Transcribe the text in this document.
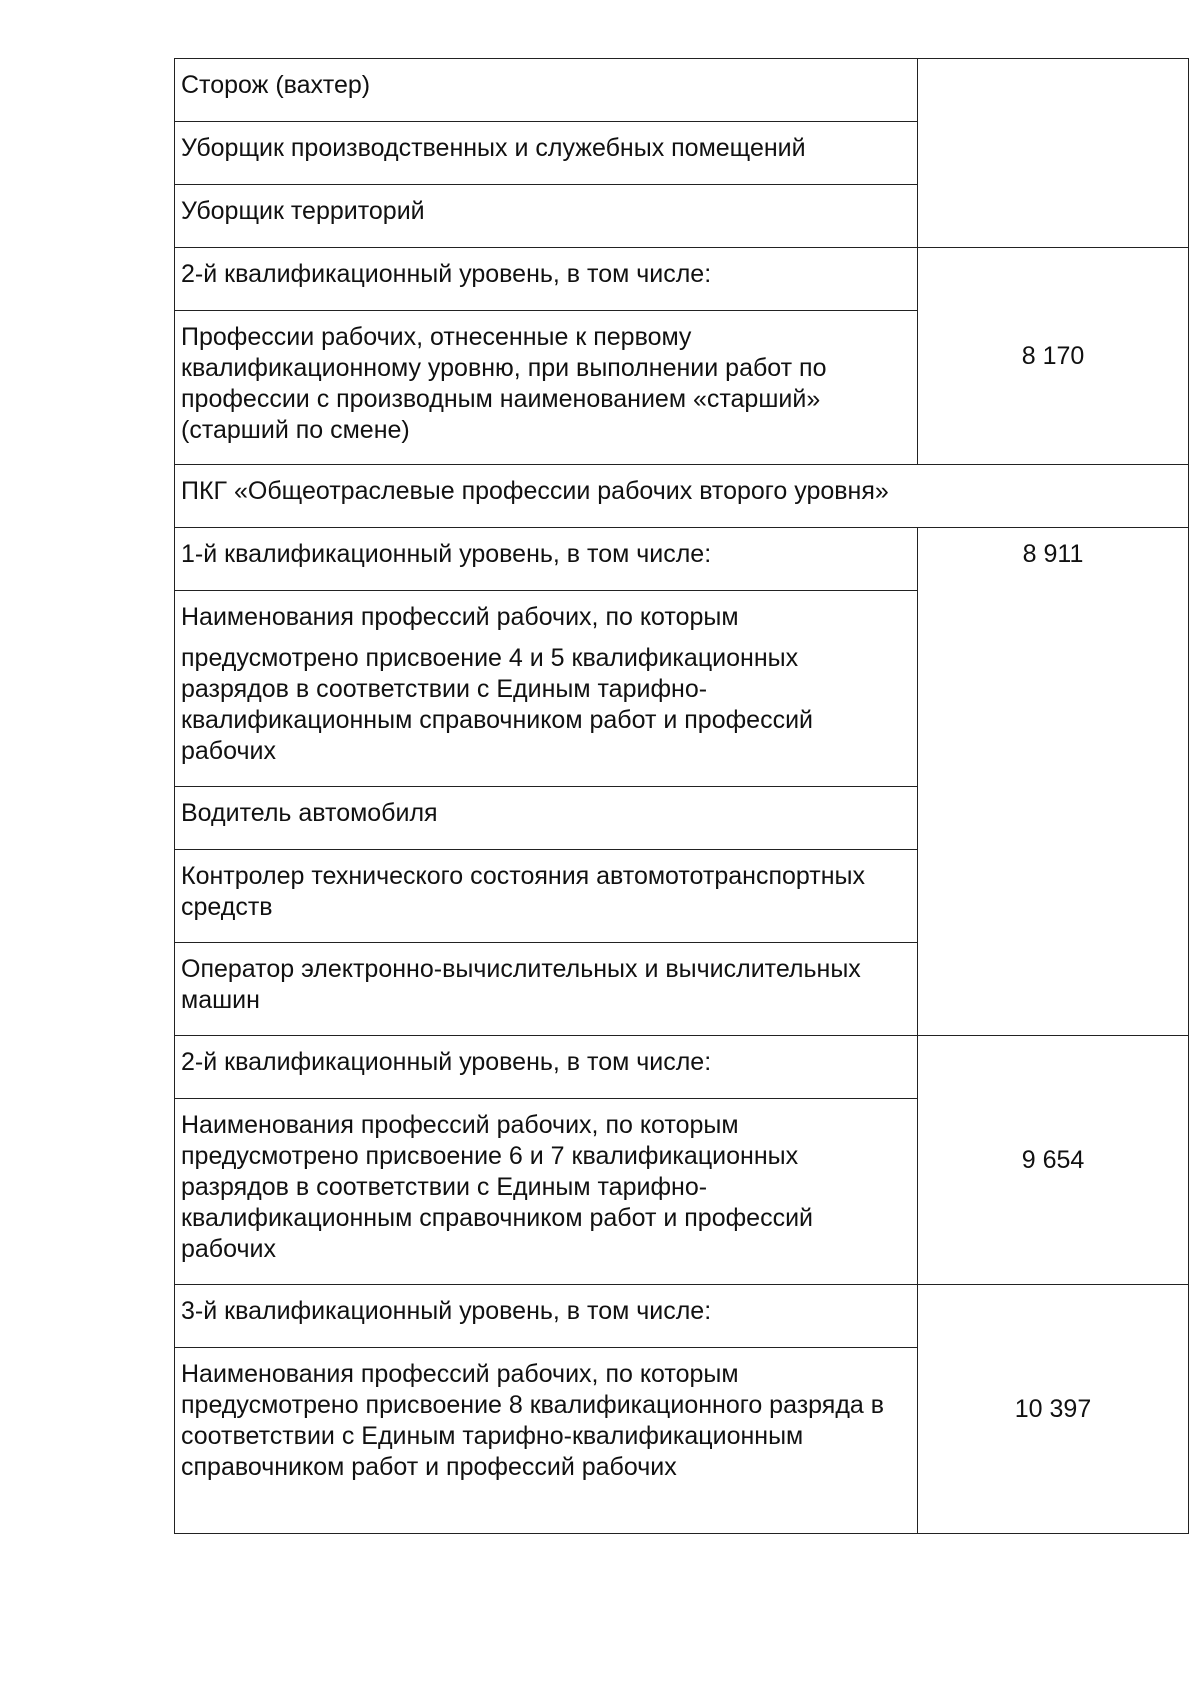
Сторож (вахтер)	
Уборщик производственных и служебных помещений	
Уборщик территорий	
2-й квалификационный уровень, в том числе:	8 170
Профессии рабочих, отнесенные к первому квалификационному уровню, при выполнении работ по профессии с производным наименованием «старший» (старший по смене)	
ПКГ «Общеотраслевые профессии рабочих второго уровня»	
1-й квалификационный уровень, в том числе:	8 911
Наименования профессий рабочих, по которым
предусмотрено присвоение 4 и 5 квалификационных разрядов в соответствии с Единым тарифно-квалификационным справочником работ и профессий рабочих	
Водитель автомобиля	
Контролер технического состояния автомототранспортных средств	
Оператор электронно-вычислительных и вычислительных машин	
2-й квалификационный уровень, в том числе:	9 654
Наименования профессий рабочих, по которым предусмотрено присвоение 6 и 7 квалификационных разрядов в соответствии с Единым тарифно-квалификационным справочником работ и профессий рабочих	
3-й квалификационный уровень, в том числе:	10 397
Наименования профессий рабочих, по которым предусмотрено присвоение 8 квалификационного разряда в соответствии с Единым тарифно-квалификационным справочником работ и профессий рабочих	
